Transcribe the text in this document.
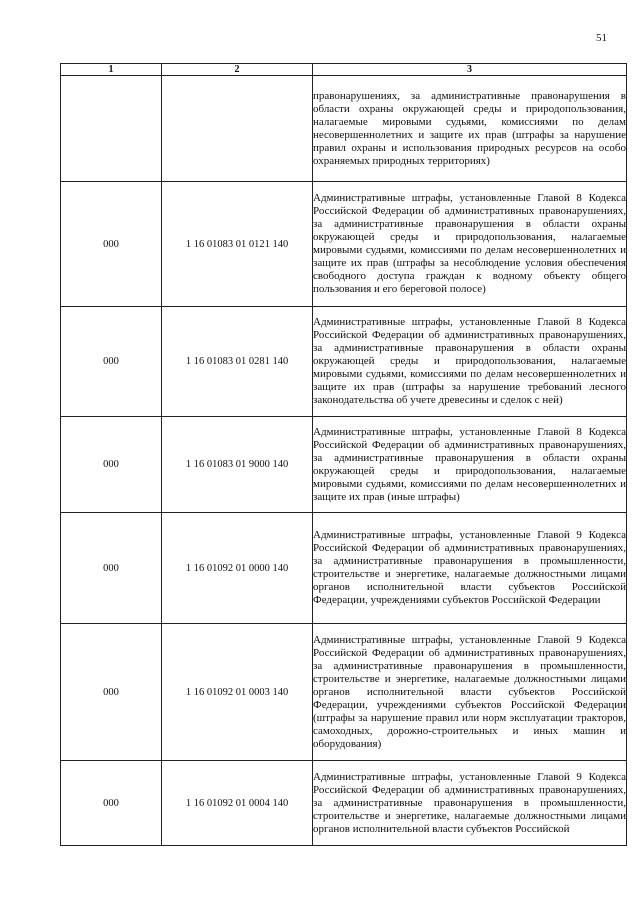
51
1	2	3
		правонарушениях, за административные правонарушения в области охраны окружающей среды и природопользования, налагаемые мировыми судьями, комиссиями по делам несовершеннолетних и защите их прав (штрафы за нарушение правил охраны и использования природных ресурсов на особо охраняемых природных территориях)
000	1 16 01083 01 0121 140	Административные штрафы, установленные Главой 8 Кодекса Российской Федерации об административных правонарушениях, за административные правонарушения в области охраны окружающей среды и природопользования, налагаемые мировыми судьями, комиссиями по делам несовершеннолетних и защите их прав (штрафы за несоблюдение условия обеспечения свободного доступа граждан к водному объекту общего пользования и его береговой полосе)
000	1 16 01083 01 0281 140	Административные штрафы, установленные Главой 8 Кодекса Российской Федерации об административных правонарушениях, за административные правонарушения в области охраны окружающей среды и природопользования, налагаемые мировыми судьями, комиссиями по делам несовершеннолетних и защите их прав (штрафы за нарушение требований лесного законодательства об учете древесины и сделок с ней)
000	1 16 01083 01 9000 140	Административные штрафы, установленные Главой 8 Кодекса Российской Федерации об административных правонарушениях, за административные правонарушения в области охраны окружающей среды и природопользования, налагаемые мировыми судьями, комиссиями по делам несовершеннолетних и защите их прав (иные штрафы)
000	1 16 01092 01 0000 140	Административные штрафы, установленные Главой 9 Кодекса Российской Федерации об административных правонарушениях, за административные правонарушения в промышленности, строительстве и энергетике, налагаемые должностными лицами органов исполнительной власти субъектов Российской Федерации, учреждениями субъектов Российской Федерации
000	1 16 01092 01 0003 140	Административные штрафы, установленные Главой 9 Кодекса Российской Федерации об административных правонарушениях, за административные правонарушения в промышленности, строительстве и энергетике, налагаемые должностными лицами органов исполнительной власти субъектов Российской Федерации, учреждениями субъектов Российской Федерации (штрафы за нарушение правил или норм эксплуатации тракторов, самоходных, дорожно-строительных и иных машин и оборудования)
000	1 16 01092 01 0004 140	Административные штрафы, установленные Главой 9 Кодекса Российской Федерации об административных правонарушениях, за административные правонарушения в промышленности, строительстве и энергетике, налагаемые должностными лицами органов исполнительной власти субъектов Российской
